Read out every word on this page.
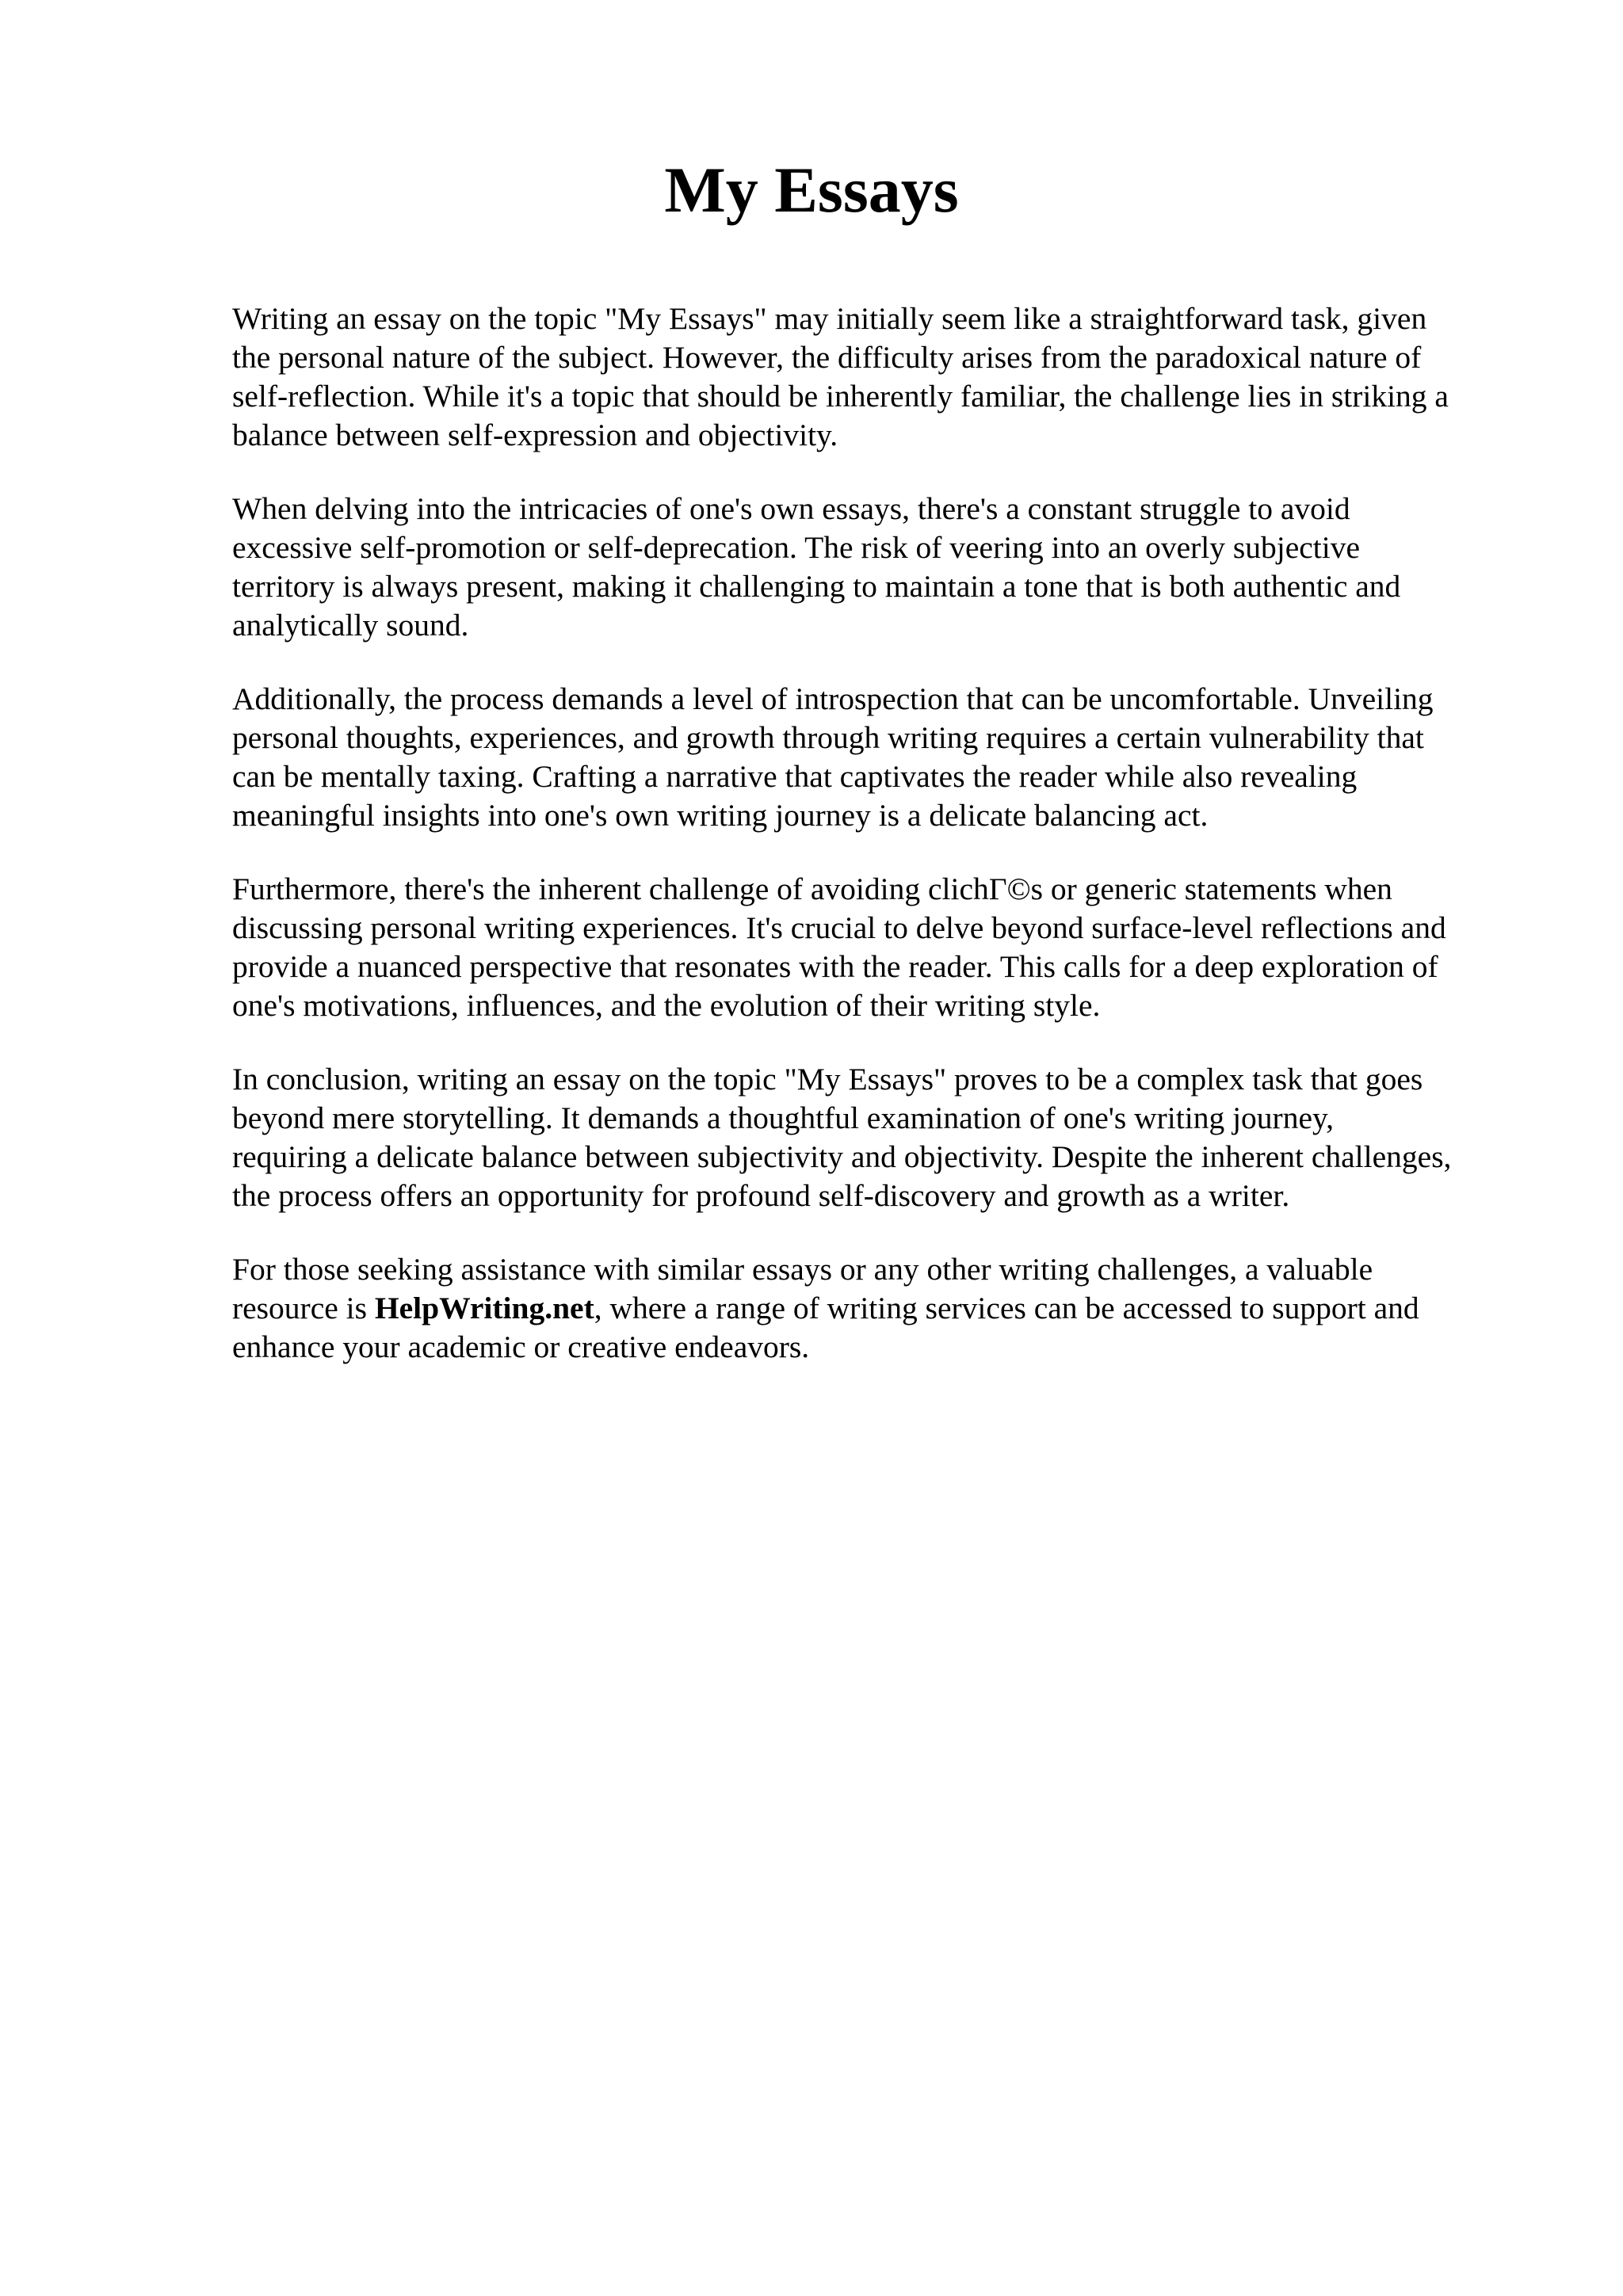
My Essays

Writing an essay on the topic "My Essays" may initially seem like a straightforward task, given
the personal nature of the subject. However, the difficulty arises from the paradoxical nature of
self-reflection. While it's a topic that should be inherently familiar, the challenge lies in striking a
balance between self-expression and objectivity.

When delving into the intricacies of one's own essays, there's a constant struggle to avoid
excessive self-promotion or self-deprecation. The risk of veering into an overly subjective
territory is always present, making it challenging to maintain a tone that is both authentic and
analytically sound.

Additionally, the process demands a level of introspection that can be uncomfortable. Unveiling
personal thoughts, experiences, and growth through writing requires a certain vulnerability that
can be mentally taxing. Crafting a narrative that captivates the reader while also revealing
meaningful insights into one's own writing journey is a delicate balancing act.

Furthermore, there's the inherent challenge of avoiding clichГ©s or generic statements when
discussing personal writing experiences. It's crucial to delve beyond surface-level reflections and
provide a nuanced perspective that resonates with the reader. This calls for a deep exploration of
one's motivations, influences, and the evolution of their writing style.

In conclusion, writing an essay on the topic "My Essays" proves to be a complex task that goes
beyond mere storytelling. It demands a thoughtful examination of one's writing journey,
requiring a delicate balance between subjectivity and objectivity. Despite the inherent challenges,
the process offers an opportunity for profound self-discovery and growth as a writer.

For those seeking assistance with similar essays or any other writing challenges, a valuable
resource is HelpWriting.net, where a range of writing services can be accessed to support and
enhance your academic or creative endeavors.
